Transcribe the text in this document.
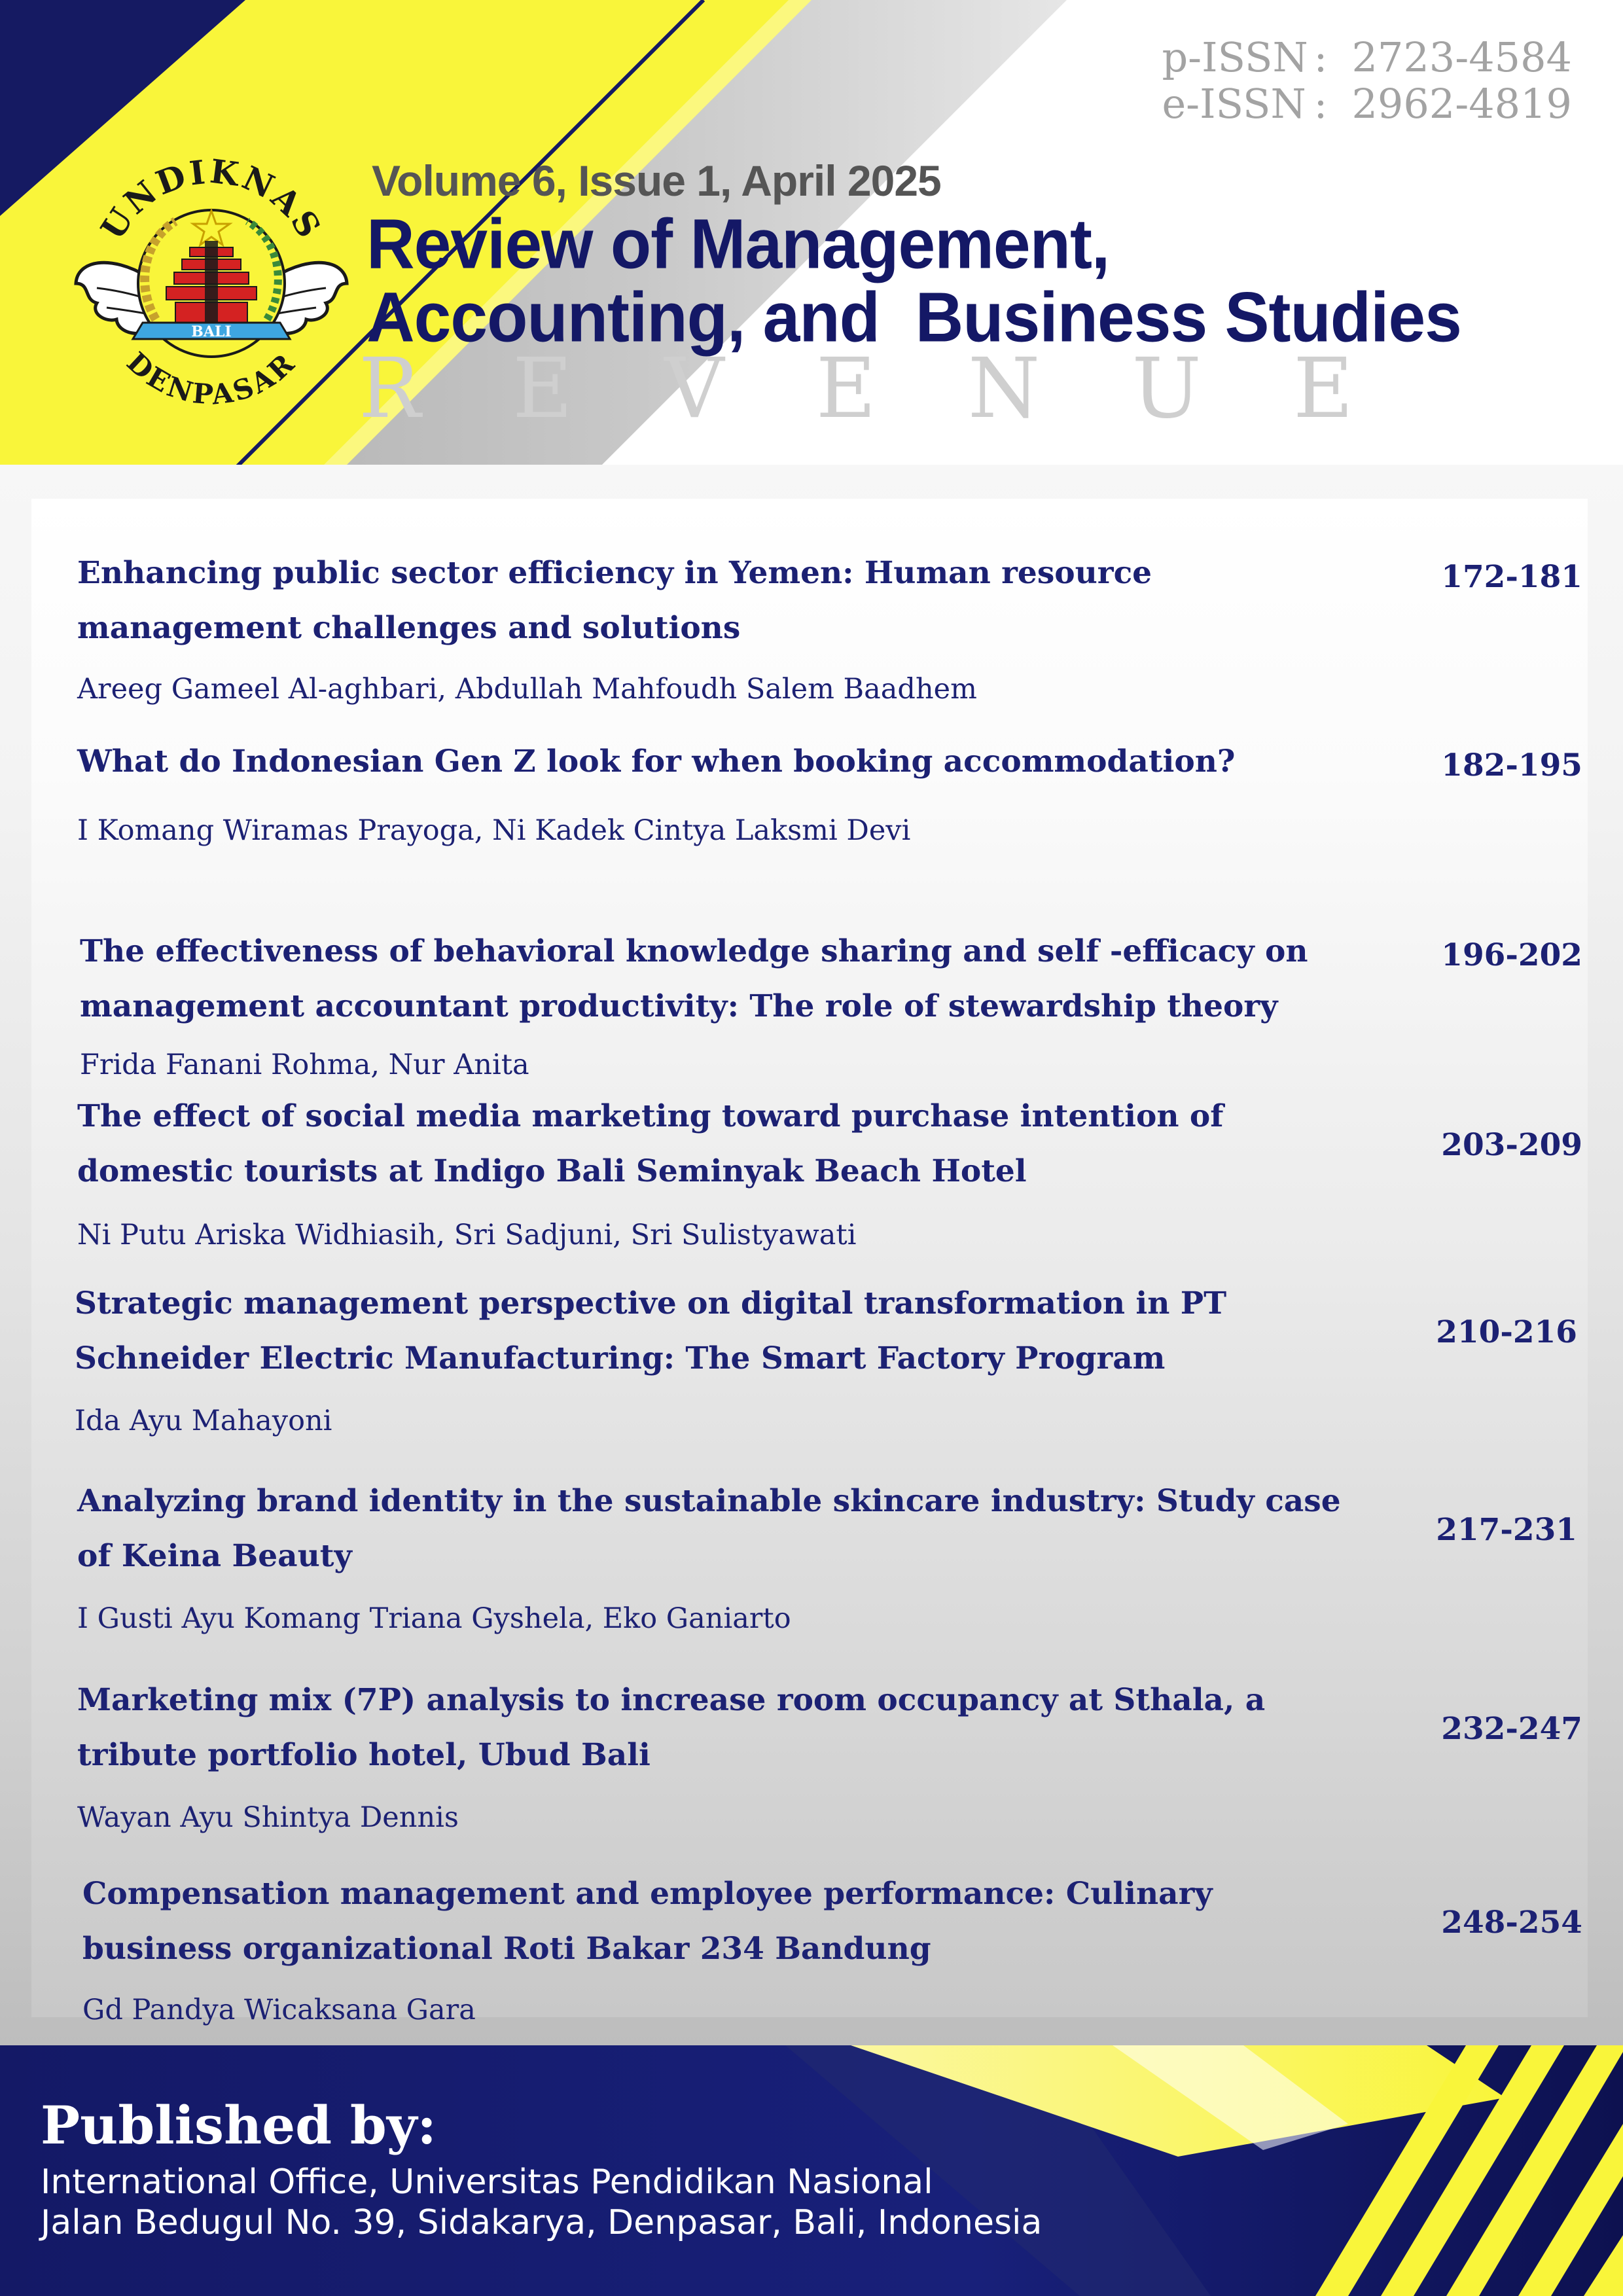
p-ISSN : 2723-4584
e-ISSN : 2962-4819
BALI
UNDIKNAS
DENPASAR
Volume 6, Issue 1, April 2025
Review of Management,
Accounting, and  Business Studies
R E V E N U E
Enhancing public sector efficiency in Yemen: Human resource management challenges and solutions
Areeg Gameel Al-aghbari, Abdullah Mahfoudh Salem Baadhem
172-181
What do Indonesian Gen Z look for when booking accommodation?
I Komang Wiramas Prayoga, Ni Kadek Cintya Laksmi Devi
182-195
The effectiveness of behavioral knowledge sharing and self -efficacy on management accountant productivity: The role of stewardship theory
Frida Fanani Rohma, Nur Anita
196-202
The effect of social media marketing toward purchase intention of domestic tourists at Indigo Bali Seminyak Beach Hotel
Ni Putu Ariska Widhiasih, Sri Sadjuni, Sri Sulistyawati
203-209
Strategic management perspective on digital transformation in PT Schneider Electric Manufacturing: The Smart Factory Program
Ida Ayu Mahayoni
210-216
Analyzing brand identity in the sustainable skincare industry: Study case of Keina Beauty
I Gusti Ayu Komang Triana Gyshela, Eko Ganiarto
217-231
Marketing mix (7P) analysis to increase room occupancy at Sthala, a tribute portfolio hotel, Ubud Bali
Wayan Ayu Shintya Dennis
232-247
Compensation management and employee performance: Culinary business organizational Roti Bakar 234 Bandung
Gd Pandya Wicaksana Gara
248-254
Published by:
International Office, Universitas Pendidikan Nasional
Jalan Bedugul No. 39, Sidakarya, Denpasar, Bali, Indonesia
